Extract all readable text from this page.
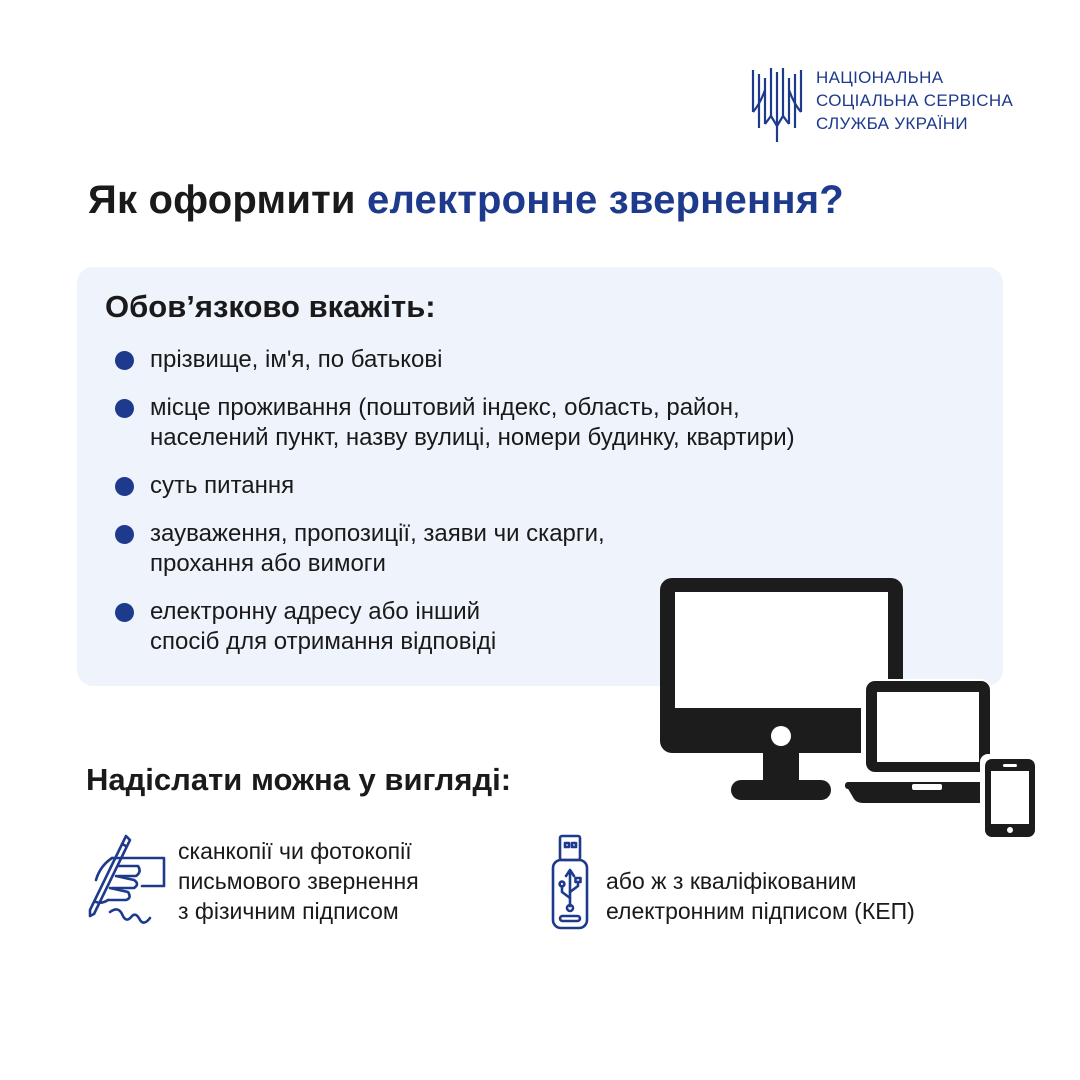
НАЦІОНАЛЬНА
СОЦІАЛЬНА СЕРВІСНА
СЛУЖБА УКРАЇНИ
Як оформити електронне звернення?
Обов’язково вкажіть:
прізвище, ім'я, по батькові
місце проживання (поштовий індекс, область, район,
населений пункт, назву вулиці, номери будинку, квартири)
суть питання
зауваження, пропозиції, заяви чи скарги,
прохання або вимоги
електронну адресу або інший
спосіб для отримання відповіді
Надіслати можна у вигляді:
сканкопії чи фотокопії
письмового звернення
з фізичним підписом
або ж з кваліфікованим
електронним підписом (КЕП)
